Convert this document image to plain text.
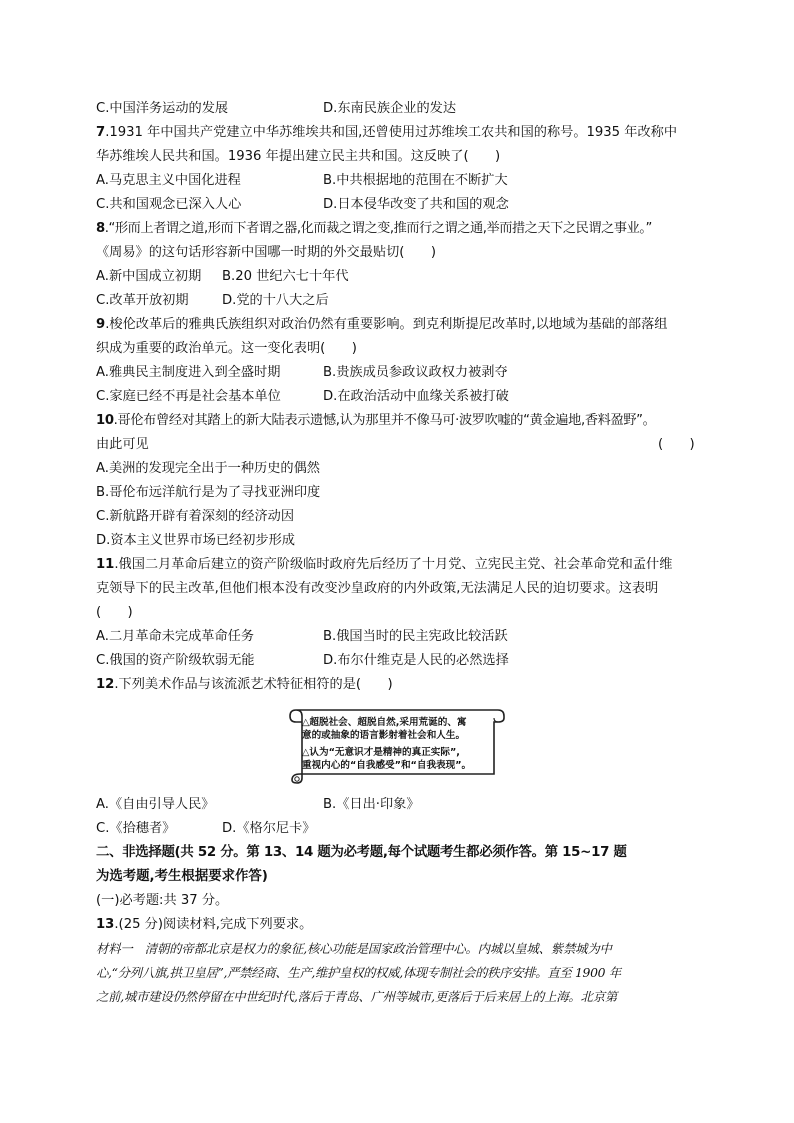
C.中国洋务运动的发展	D.东南民族企业的发达
7.1931 年中国共产党建立中华苏维埃共和国,还曾使用过苏维埃工农共和国的称号。1935 年改称中
华苏维埃人民共和国。1936 年提出建立民主共和国。这反映了(　　)
A.马克思主义中国化进程	B.中共根据地的范围在不断扩大
C.共和国观念已深入人心	D.日本侵华改变了共和国的观念
8.“形而上者谓之道,形而下者谓之器,化而裁之谓之变,推而行之谓之通,举而措之天下之民谓之事业。”
《周易》的这句话形容新中国哪一时期的外交最贴切(　　)
A.新中国成立初期 B.20 世纪六七十年代
C.改革开放初期	D.党的十八大之后
9.梭伦改革后的雅典氏族组织对政治仍然有重要影响。到克利斯提尼改革时,以地域为基础的部落组
织成为重要的政治单元。这一变化表明(　　)
A.雅典民主制度进入到全盛时期	B.贵族成员参政议政权力被剥夺
C.家庭已经不再是社会基本单位	D.在政治活动中血缘关系被打破
10.哥伦布曾经对其踏上的新大陆表示遗憾,认为那里并不像马可·波罗吹嘘的“黄金遍地,香料盈野”。
由此可见	(　　)
A.美洲的发现完全出于一种历史的偶然
B.哥伦布远洋航行是为了寻找亚洲印度
C.新航路开辟有着深刻的经济动因
D.资本主义世界市场已经初步形成
11.俄国二月革命后建立的资产阶级临时政府先后经历了十月党、立宪民主党、社会革命党和孟什维
克领导下的民主改革,但他们根本没有改变沙皇政府的内外政策,无法满足人民的迫切要求。这表明
(　　)
A.二月革命未完成革命任务	B.俄国当时的民主宪政比较活跃
C.俄国的资产阶级软弱无能	D.布尔什维克是人民的必然选择
12.下列美术作品与该流派艺术特征相符的是(　　)
△超脱社会、超脱自然,采用荒诞的、寓
意的或抽象的语言影射着社会和人生。
△认为“无意识才是精神的真正实际”,
重视内心的“自我感受”和“自我表现”。
A.《自由引导人民》	B.《日出·印象》
C.《拾穗者》	D.《格尔尼卡》
二、非选择题(共 52 分。第 13、14 题为必考题,每个试题考生都必须作答。第 15~17 题
为选考题,考生根据要求作答)
(一)必考题:共 37 分。
13.(25 分)阅读材料,完成下列要求。
材料一　清朝的帝都北京是权力的象征,核心功能是国家政治管理中心。内城以皇城、紫禁城为中
心,“分列八旗,拱卫皇居”,严禁经商、生产,维护皇权的权威,体现专制社会的秩序安排。直至 1900 年
之前,城市建设仍然停留在中世纪时代,落后于青岛、广州等城市,更落后于后来居上的上海。北京第
